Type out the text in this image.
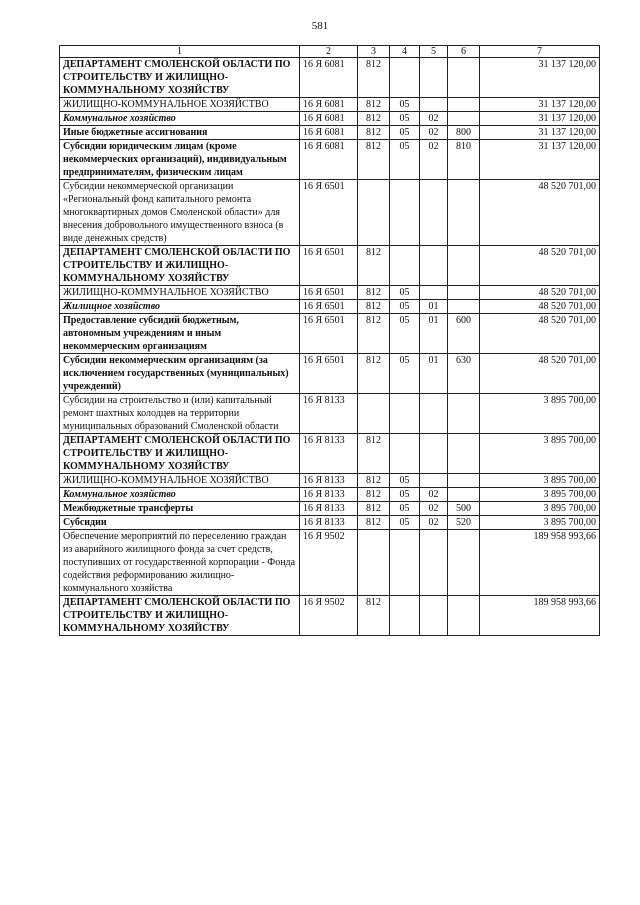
581
1	2	3	4	5	6	7
ДЕПАРТАМЕНТ СМОЛЕНСКОЙ ОБЛАСТИ ПО СТРОИТЕЛЬСТВУ И ЖИЛИЩНО-КОММУНАЛЬНОМУ ХОЗЯЙСТВУ	16 Я 6081	812				31 137 120,00
ЖИЛИЩНО-КОММУНАЛЬНОЕ ХОЗЯЙСТВО	16 Я 6081	812	05			31 137 120,00
Коммунальное хозяйство	16 Я 6081	812	05	02		31 137 120,00
Иные бюджетные ассигнования	16 Я 6081	812	05	02	800	31 137 120,00
Субсидии юридическим лицам (кроме некоммерческих организаций), индивидуальным предпринимателям, физическим лицам	16 Я 6081	812	05	02	810	31 137 120,00
Субсидии некоммерческой организации «Региональный фонд капитального ремонта многоквартирных домов Смоленской области» для внесения добровольного имущественного взноса (в виде денежных средств)	16 Я 6501					48 520 701,00
ДЕПАРТАМЕНТ СМОЛЕНСКОЙ ОБЛАСТИ ПО СТРОИТЕЛЬСТВУ И ЖИЛИЩНО-КОММУНАЛЬНОМУ ХОЗЯЙСТВУ	16 Я 6501	812				48 520 701,00
ЖИЛИЩНО-КОММУНАЛЬНОЕ ХОЗЯЙСТВО	16 Я 6501	812	05			48 520 701,00
Жилищное хозяйство	16 Я 6501	812	05	01		48 520 701,00
Предоставление субсидий бюджетным, автономным учреждениям и иным некоммерческим организациям	16 Я 6501	812	05	01	600	48 520 701,00
Субсидии некоммерческим организациям (за исключением государственных (муниципальных) учреждений)	16 Я 6501	812	05	01	630	48 520 701,00
Субсидии на строительство и (или) капитальный ремонт шахтных колодцев на территории муниципальных образований Смоленской области	16 Я 8133					3 895 700,00
ДЕПАРТАМЕНТ СМОЛЕНСКОЙ ОБЛАСТИ ПО СТРОИТЕЛЬСТВУ И ЖИЛИЩНО-КОММУНАЛЬНОМУ ХОЗЯЙСТВУ	16 Я 8133	812				3 895 700,00
ЖИЛИЩНО-КОММУНАЛЬНОЕ ХОЗЯЙСТВО	16 Я 8133	812	05			3 895 700,00
Коммунальное хозяйство	16 Я 8133	812	05	02		3 895 700,00
Межбюджетные трансферты	16 Я 8133	812	05	02	500	3 895 700,00
Субсидии	16 Я 8133	812	05	02	520	3 895 700,00
Обеспечение мероприятий по переселению граждан из аварийного жилищного фонда за счет средств, поступивших от государственной корпорации - Фонда содействия реформированию жилищно-коммунального хозяйства	16 Я 9502					189 958 993,66
ДЕПАРТАМЕНТ СМОЛЕНСКОЙ ОБЛАСТИ ПО СТРОИТЕЛЬСТВУ И ЖИЛИЩНО-КОММУНАЛЬНОМУ ХОЗЯЙСТВУ	16 Я 9502	812				189 958 993,66
